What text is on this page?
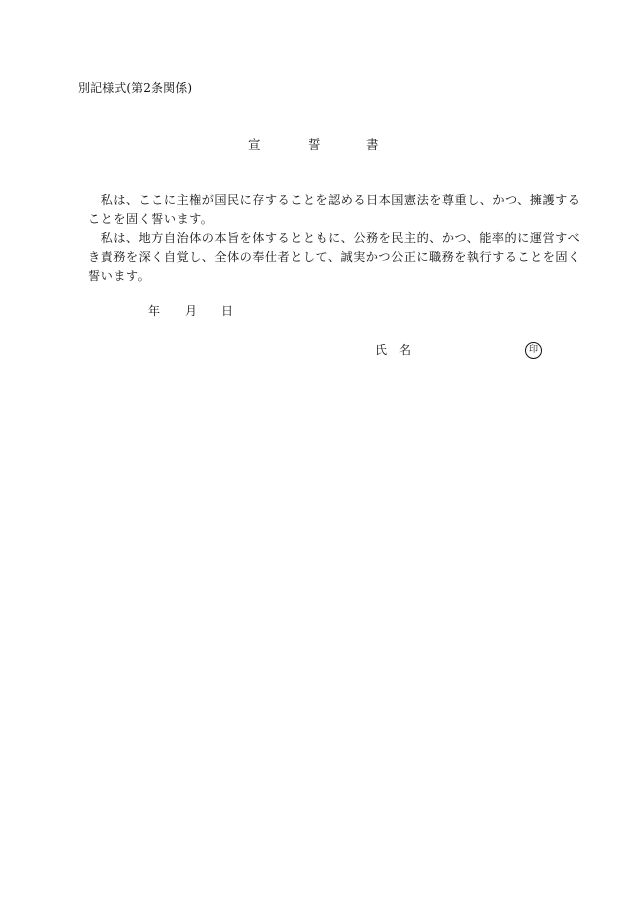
別記様式(第2条関係)
宣	誓	書
　私は、ここに主権が国民に存することを認める日本国憲法を尊重し、かつ、擁護する
ことを固く誓います。
　私は、地方自治体の本旨を体するとともに、公務を民主的、かつ、能率的に運営すべ
き責務を深く自覚し、全体の奉仕者として、誠実かつ公正に職務を執行することを固く
誓います。
年 月 日
氏　名	印
